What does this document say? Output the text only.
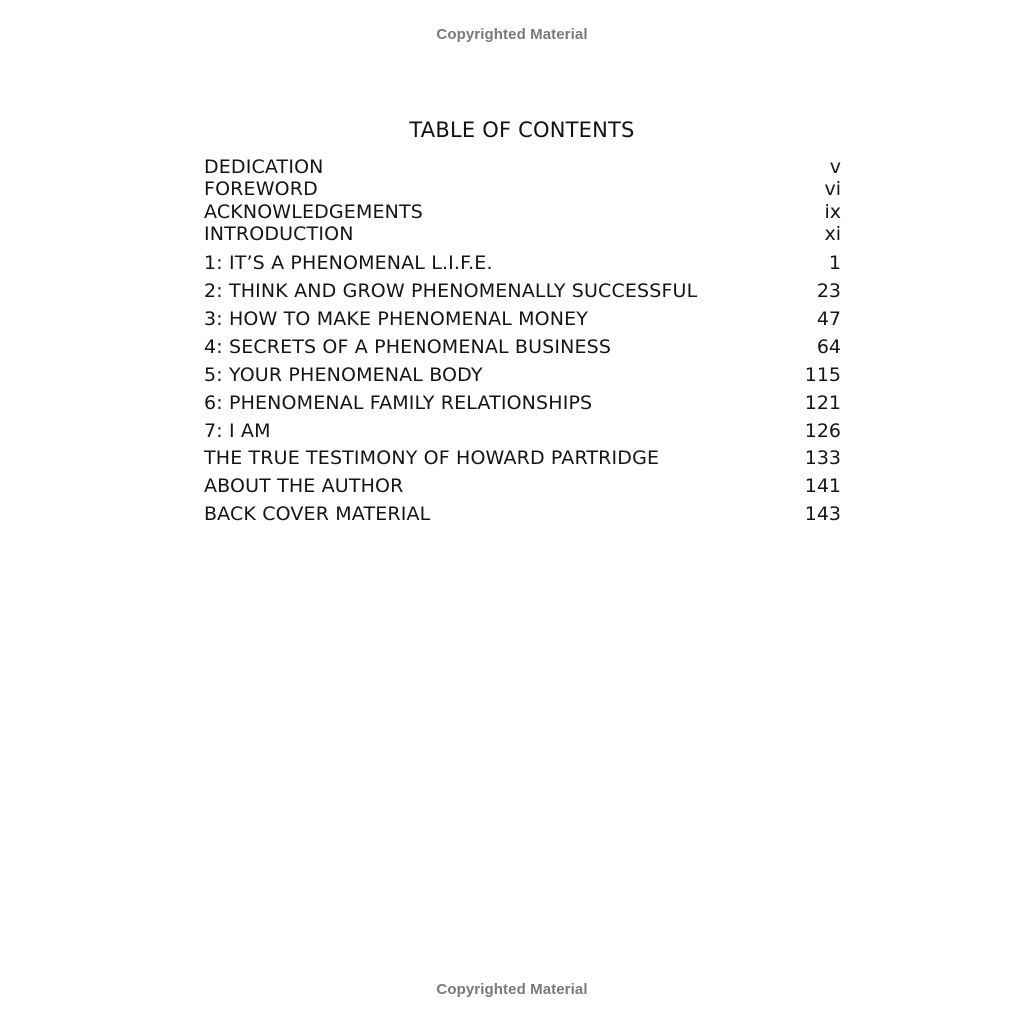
Copyrighted Material
TABLE OF CONTENTS
DEDICATION	v
FOREWORD	vi
ACKNOWLEDGEMENTS	ix
INTRODUCTION	xi
1: IT’S A PHENOMENAL L.I.F.E.	1
2: THINK AND GROW PHENOMENALLY SUCCESSFUL	23
3: HOW TO MAKE PHENOMENAL MONEY	47
4: SECRETS OF A PHENOMENAL BUSINESS	64
5: YOUR PHENOMENAL BODY	115
6: PHENOMENAL FAMILY RELATIONSHIPS	121
7: I AM	126
THE TRUE TESTIMONY OF HOWARD PARTRIDGE	133
ABOUT THE AUTHOR	141
BACK COVER MATERIAL	143
Copyrighted Material
